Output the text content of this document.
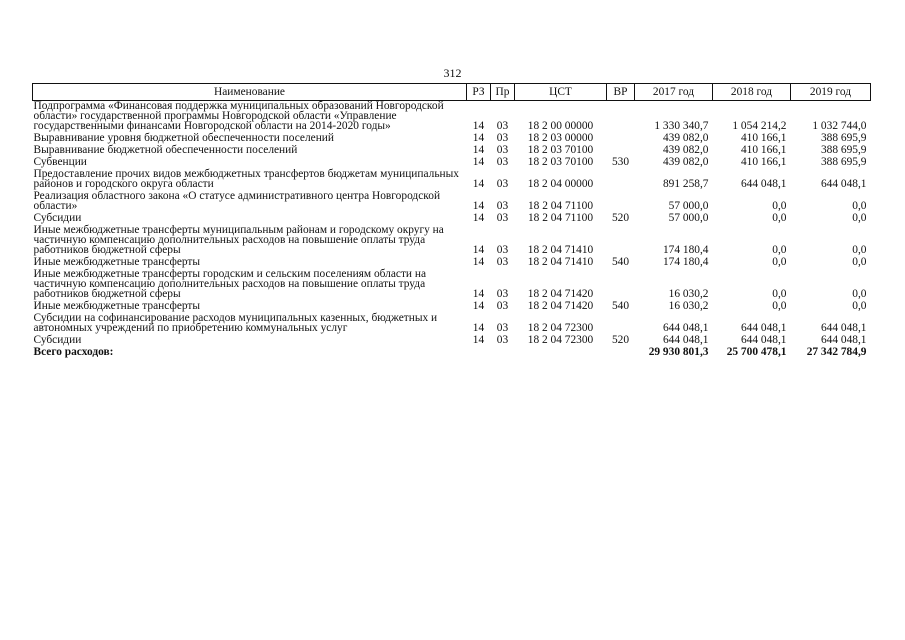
312
Наименование	РЗ	Пр	ЦСТ	ВР	2017 год	2018 год	2019 год
Подпрограмма «Финансовая поддержка муниципальных образований Новгородской области» государственной программы Новгородской области «Управление государственными финансами Новгородской области на 2014-2020 годы»	14	03	18 2 00 00000		1 330 340,7	1 054 214,2	1 032 744,0
Выравнивание уровня бюджетной обеспеченности поселений	14	03	18 2 03 00000		439 082,0	410 166,1	388 695,9
Выравнивание бюджетной обеспеченности поселений	14	03	18 2 03 70100		439 082,0	410 166,1	388 695,9
Субвенции	14	03	18 2 03 70100	530	439 082,0	410 166,1	388 695,9
Предоставление прочих видов межбюджетных трансфертов бюджетам муниципальных районов и городского округа области	14	03	18 2 04 00000		891 258,7	644 048,1	644 048,1
Реализация областного закона «О статусе административного центра Новгородской области»	14	03	18 2 04 71100		57 000,0	0,0	0,0
Субсидии	14	03	18 2 04 71100	520	57 000,0	0,0	0,0
Иные межбюджетные трансферты муниципальным районам и городскому округу на частичную компенсацию дополнительных расходов на повышение оплаты труда работников бюджетной сферы	14	03	18 2 04 71410		174 180,4	0,0	0,0
Иные межбюджетные трансферты	14	03	18 2 04 71410	540	174 180,4	0,0	0,0
Иные межбюджетные трансферты городским и сельским поселениям области на частичную компенсацию дополнительных расходов на повышение оплаты труда работников бюджетной сферы	14	03	18 2 04 71420		16 030,2	0,0	0,0
Иные межбюджетные трансферты	14	03	18 2 04 71420	540	16 030,2	0,0	0,0
Субсидии на софинансирование расходов муниципальных казенных, бюджетных и автономных учреждений по приобретению коммунальных услуг	14	03	18 2 04 72300		644 048,1	644 048,1	644 048,1
Субсидии	14	03	18 2 04 72300	520	644 048,1	644 048,1	644 048,1
Всего расходов:					29 930 801,3	25 700 478,1	27 342 784,9
